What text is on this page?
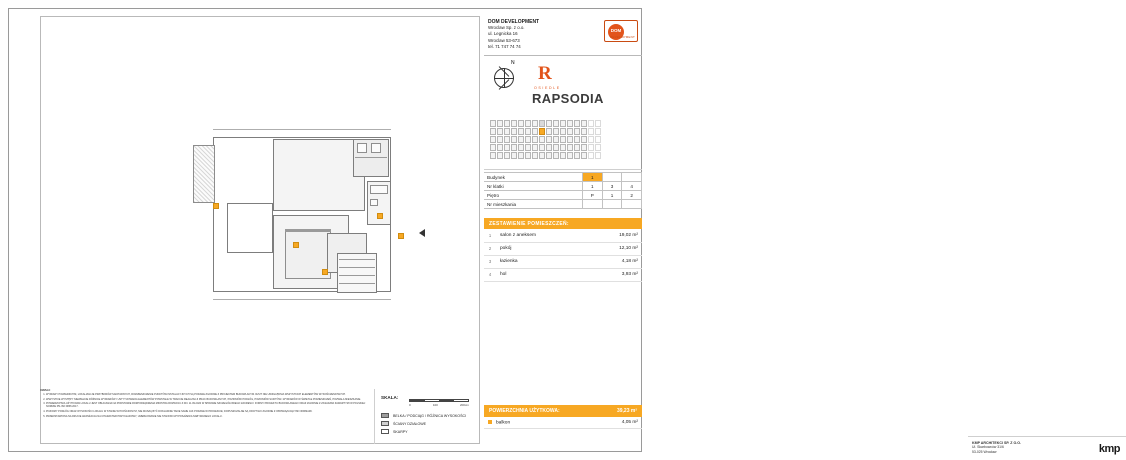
DOM DEVELOPMENT
Wroclaw Sp. z o.o.
ul. Legnicka 16
Wroclaw 53-673
tel. 71 747 74 74
DOM
DEVELOPMENT
N R
OSIEDLE
RAPSODIA
Budynek	1		
Nr klatki	1	3	4
Piętro	P	1	2
Nr mieszkania			
ZESTAWIENIE POMIESZCZEŃ:
1	salon z aneksem	19,02 m²
2	pokój	12,10 m²
3	łazienka	4,18 m²
4	hol	3,93 m²
POWIERZCHNIA UŻYTKOWA:	39,23 m²
balkon	4,05 m²
KMP ARCHITEKCI SP. Z O.O.
Ul. Skarbowców 31/6
53-025 Wrocław	kmp
UWAGI:
1. WYMIARY POWIERZCHNI, LOKALIZACJE PRZYBORÓW SANITARNYCH, ROZMIESZCZENIE PUNKTÓW INSTALACYJNYCH SĄ PODANE ZGODNIE Z PROJEKTEM BUDOWLANYM. RZUT NIE UWZGLĘDNIA WSZYSTKICH ELEMENTÓW WYKOŃCZENIOWYCH.
2. WSZYSTKIE WYSTĘPY NIEWIELKIE RÓŻNICE WYMIARÓW I USTYTUOWANIA ELEMENTÓW POWSTAŁE W TRAKCIE REALIZACJI PRAC BUDOWLANYCH, POZIOMÓW PODŁÓG, POZIOMÓW SUFITÓW I WYMIARÓW W ŚWIETLE POMIESZCZEŃ, POZWALA MIESZKANIE.
3. POWIERZCHNIA UŻYTKOWA LOKALU JEST OBLICZANA NA PODSTAWIE ROZPORZĄDZENIA MINISTRA ROZWOJU Z DN. 11.09.2020 W SPRAWIE SZCZEGÓŁOWEGO ZAKRESU I FORMY PROJEKTU BUDOWLANEGO ORAZ ZGODNIE Z ZASADAMI ZAWARTYMI W POLSKIEJ NORMIE PN-ISO 9836:2017.
4. POZIOMY PODŁÓG ORAZ WYSOKOŚCI LOKALU W STANIE WYKOŃCZONYM, NIE MUSZĄ BYĆ DOKŁADNIE TAKIE SAME JAK PODANE W PROJEKCIE; DOPUSZCZALNE SĄ ODCHYŁKI ZGODNE Z OBOWIĄZUJĄCYMI NORMAMI.
5. PRZEDSTAWIONA NA RZUCIE ARANŻACJA NA CHARAKTER PRZYKŁADOWY, UMEBLOWANIE NIE STANOWI WYPOSAŻENIA NABYWANEGO LOKALU.
SKALA:
0	100	200cm
BELKA / PODCIĄG / RÓŻNICA WYSOKOŚCI
ŚCIANY DZIAŁOWE
SKARPY
